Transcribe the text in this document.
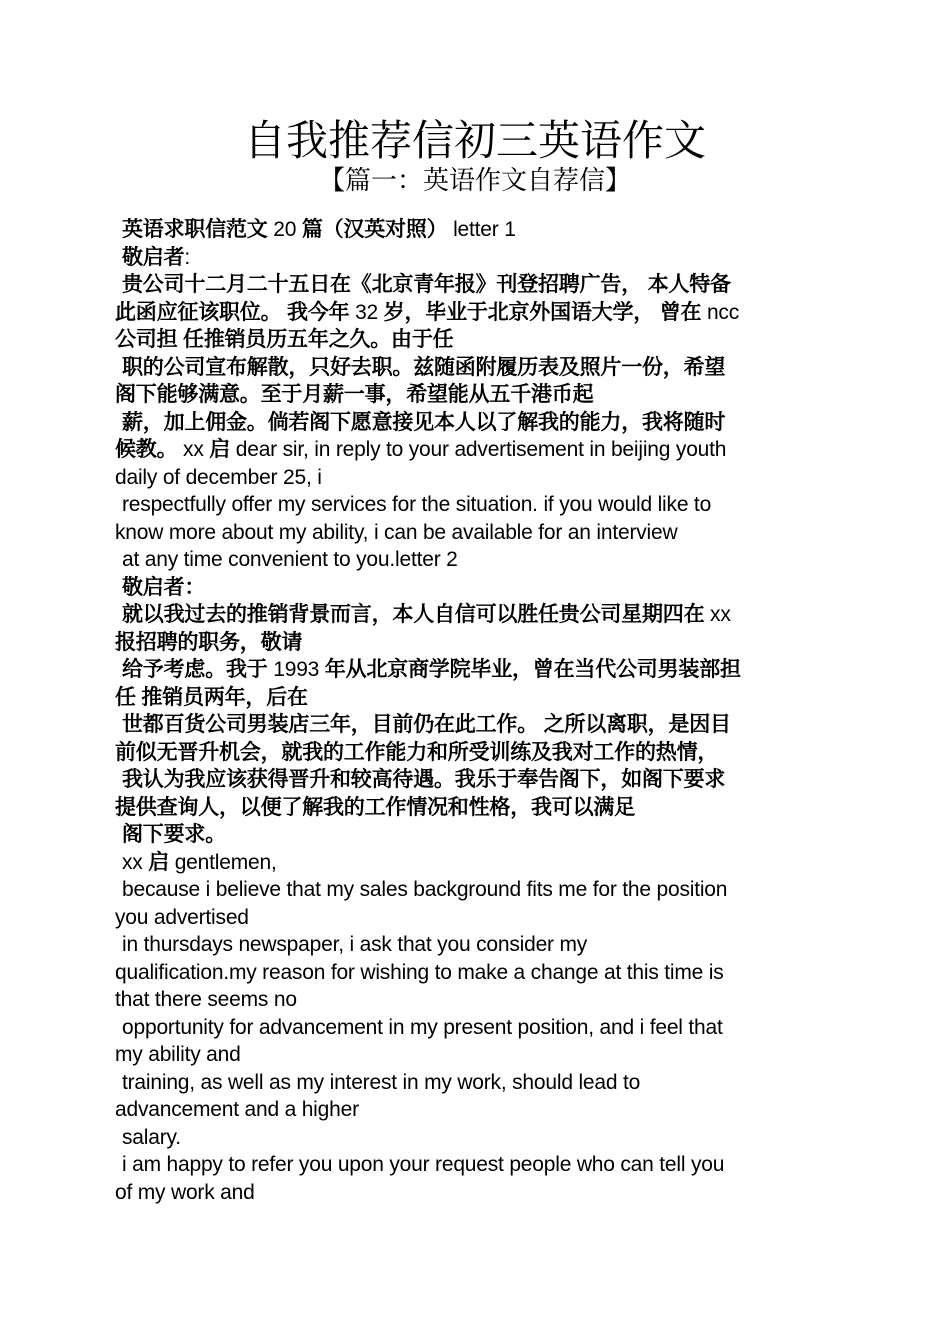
自我推荐信初三英语作文
【篇一：英语作文自荐信】
英语求职信范文 20 篇（汉英对照） letter 1
敬启者:
贵公司十二月二十五日在《北京青年报》刊登招聘广告， 本人特备
此函应征该职位。 我今年 32 岁，毕业于北京外国语大学， 曾在 ncc
公司担 任推销员历五年之久。由于任
职的公司宣布解散，只好去职。兹随函附履历表及照片一份，希望
阁下能够满意。至于月薪一事，希望能从五千港币起
薪，加上佣金。倘若阁下愿意接见本人以了解我的能力，我将随时
候教。 xx 启 dear sir, in reply to your advertisement in beijing youth
daily of december 25, i
respectfully offer my services for the situation. if you would like to
know more about my ability, i can be available for an interview
at any time convenient to you.letter 2
敬启者：
就以我过去的推销背景而言，本人自信可以胜任贵公司星期四在 xx
报招聘的职务，敬请
给予考虑。我于 1993 年从北京商学院毕业，曾在当代公司男装部担
任 推销员两年，后在
世都百货公司男装店三年，目前仍在此工作。 之所以离职，是因目
前似无晋升机会，就我的工作能力和所受训练及我对工作的热情，
我认为我应该获得晋升和较高待遇。我乐于奉告阁下，如阁下要求
提供查询人，以便了解我的工作情况和性格，我可以满足
阁下要求。
xx 启 gentlemen,
because i believe that my sales background fits me for the position
you advertised
in thursdays newspaper, i ask that you consider my
qualification.my reason for wishing to make a change at this time is
that there seems no
opportunity for advancement in my present position, and i feel that
my ability and
training, as well as my interest in my work, should lead to
advancement and a higher
salary.
i am happy to refer you upon your request people who can tell you
of my work and
